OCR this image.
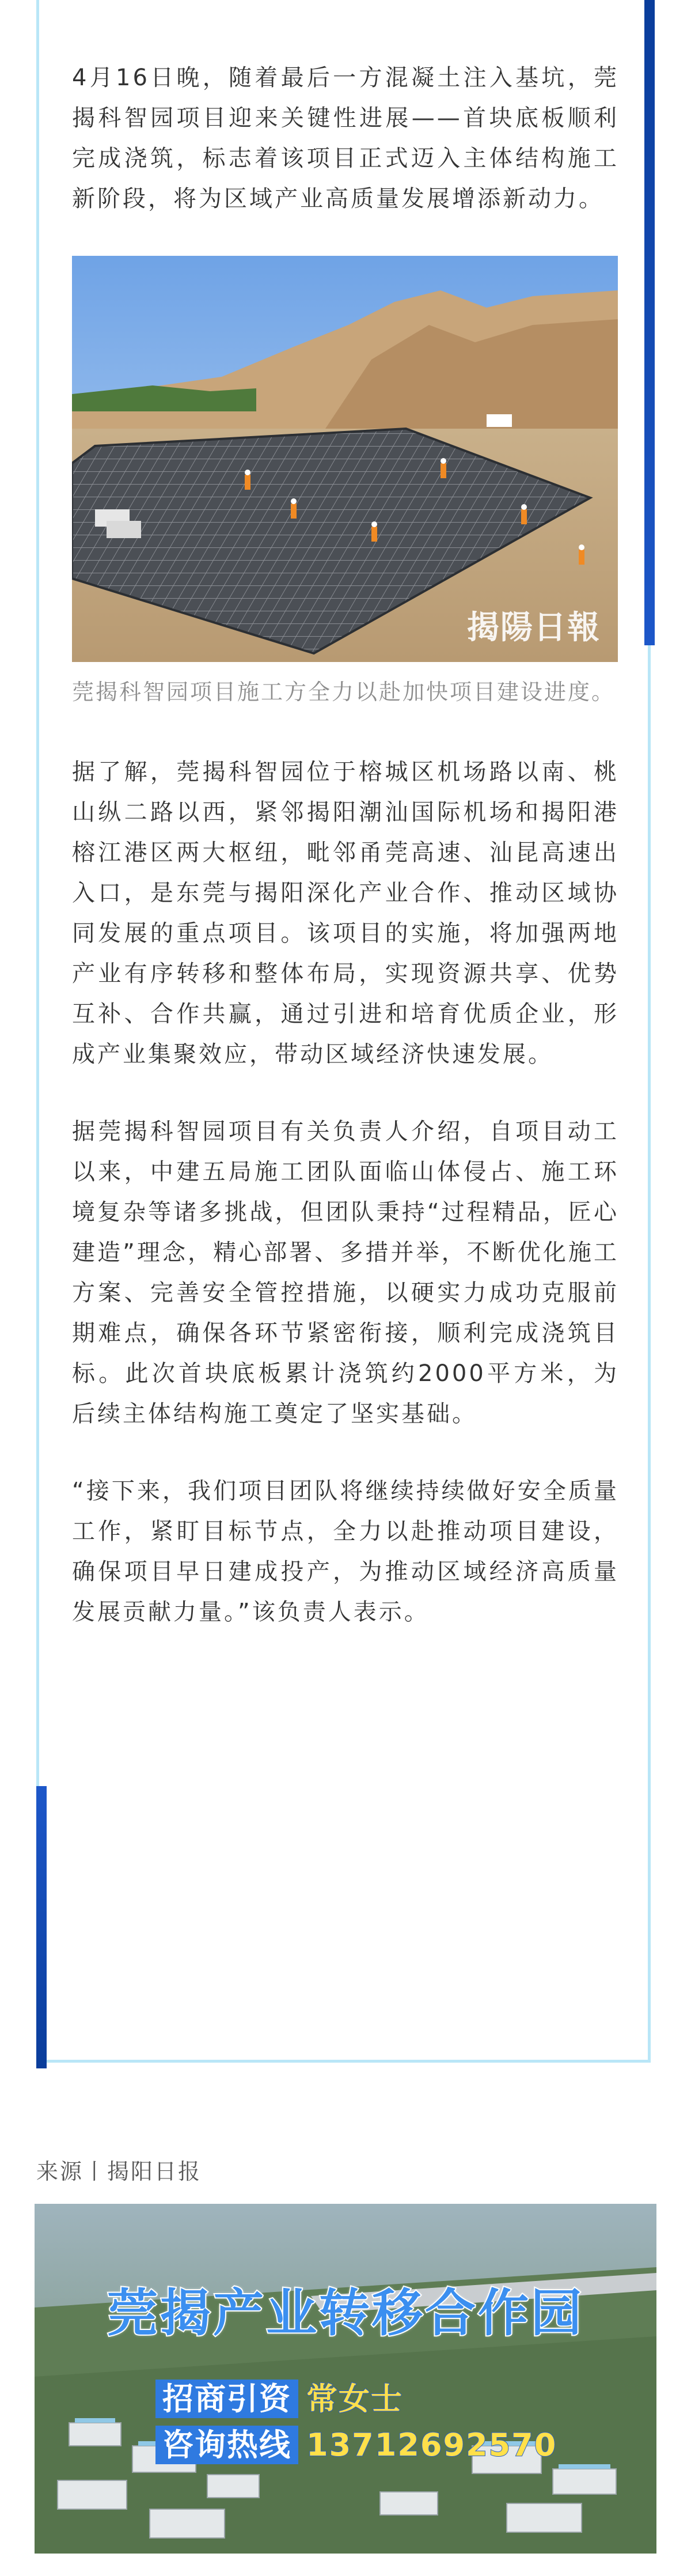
4月16日晚，随着最后一方混凝土注入基坑，莞揭科智园项目迎来关键性进展——首块底板顺利完成浇筑，标志着该项目正式迈入主体结构施工新阶段，将为区域产业高质量发展增添新动力。

揭陽日報
莞揭科智园项目施工方全力以赴加快项目建设进度。

据了解，莞揭科智园位于榕城区机场路以南、桃山纵二路以西，紧邻揭阳潮汕国际机场和揭阳港榕江港区两大枢纽，毗邻甬莞高速、汕昆高速出入口，是东莞与揭阳深化产业合作、推动区域协同发展的重点项目。该项目的实施，将加强两地产业有序转移和整体布局，实现资源共享、优势互补、合作共赢，通过引进和培育优质企业，形成产业集聚效应，带动区域经济快速发展。

据莞揭科智园项目有关负责人介绍，自项目动工以来，中建五局施工团队面临山体侵占、施工环境复杂等诸多挑战，但团队秉持“过程精品，匠心建造”理念，精心部署、多措并举，不断优化施工方案、完善安全管控措施，以硬实力成功克服前期难点，确保各环节紧密衔接，顺利完成浇筑目标。此次首块底板累计浇筑约2000平方米，为后续主体结构施工奠定了坚实基础。

“接下来，我们项目团队将继续持续做好安全质量工作，紧盯目标节点，全力以赴推动项目建设，确保项目早日建成投产，为推动区域经济高质量发展贡献力量。”该负责人表示。

来源丨揭阳日报
莞揭产业转移合作园
招商引资 常女士
咨询热线 13712692570
